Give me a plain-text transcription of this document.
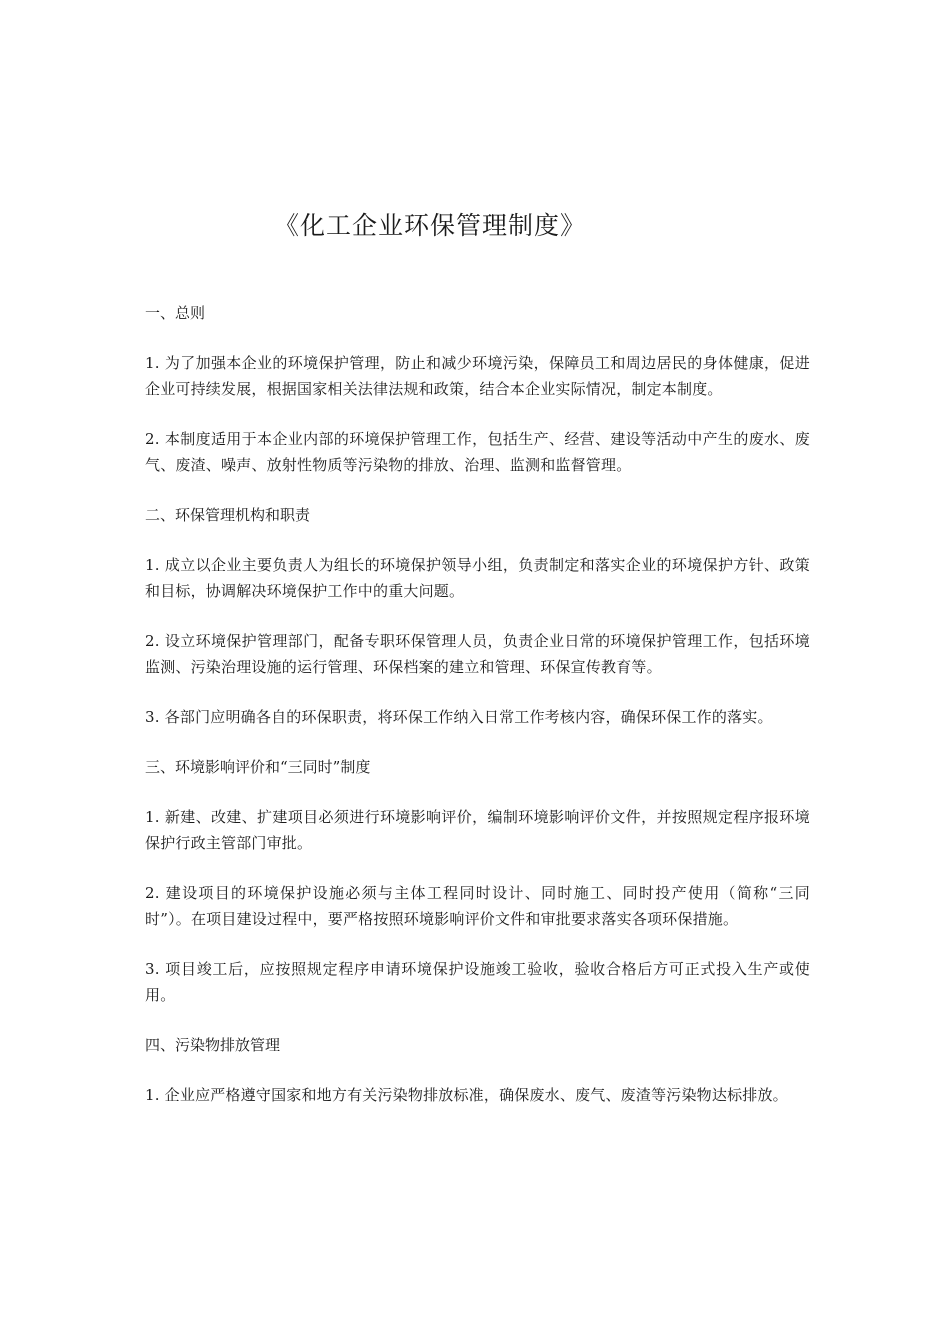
《化工企业环保管理制度》
一、总则
1. 为了加强本企业的环境保护管理，防止和减少环境污染，保障员工和周边居民的身体健康，促进企业可持续发展，根据国家相关法律法规和政策，结合本企业实际情况，制定本制度。
2. 本制度适用于本企业内部的环境保护管理工作，包括生产、经营、建设等活动中产生的废水、废气、废渣、噪声、放射性物质等污染物的排放、治理、监测和监督管理。
二、环保管理机构和职责
1. 成立以企业主要负责人为组长的环境保护领导小组，负责制定和落实企业的环境保护方针、政策和目标，协调解决环境保护工作中的重大问题。
2. 设立环境保护管理部门，配备专职环保管理人员，负责企业日常的环境保护管理工作，包括环境监测、污染治理设施的运行管理、环保档案的建立和管理、环保宣传教育等。
3. 各部门应明确各自的环保职责，将环保工作纳入日常工作考核内容，确保环保工作的落实。
三、环境影响评价和“三同时”制度
1. 新建、改建、扩建项目必须进行环境影响评价，编制环境影响评价文件，并按照规定程序报环境保护行政主管部门审批。
2. 建设项目的环境保护设施必须与主体工程同时设计、同时施工、同时投产使用（简称“三同时”）。在项目建设过程中，要严格按照环境影响评价文件和审批要求落实各项环保措施。
3. 项目竣工后，应按照规定程序申请环境保护设施竣工验收，验收合格后方可正式投入生产或使用。
四、污染物排放管理
1. 企业应严格遵守国家和地方有关污染物排放标准，确保废水、废气、废渣等污染物达标排放。
